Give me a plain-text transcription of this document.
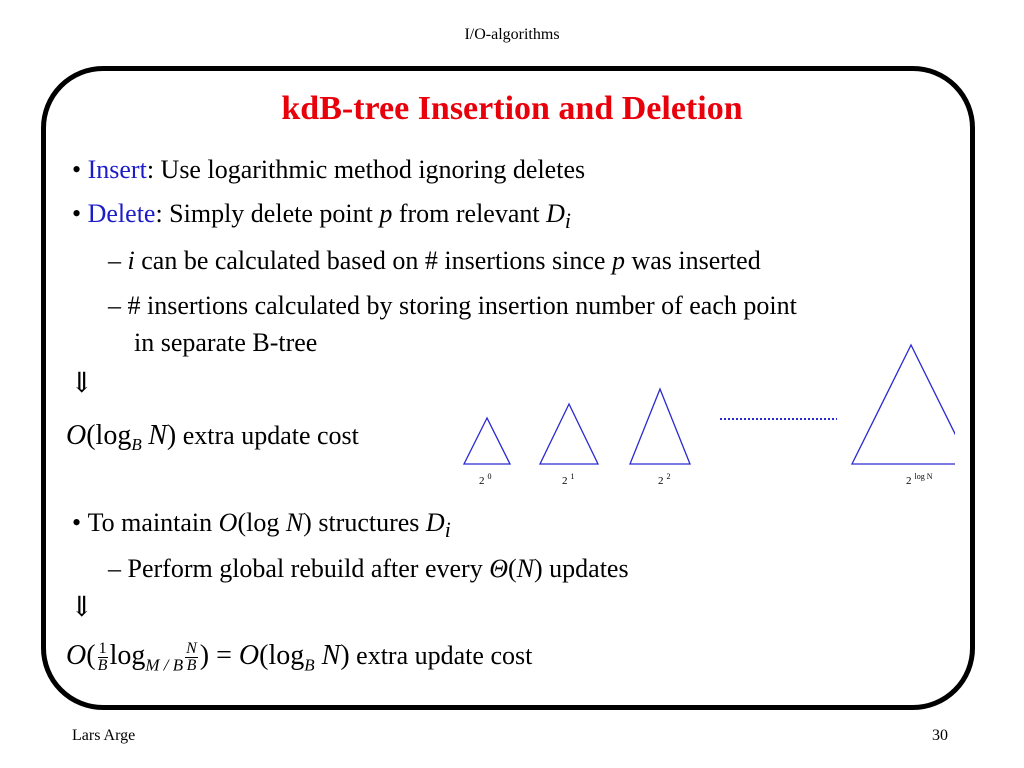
I/O-algorithms
kdB-tree Insertion and Deletion
• Insert: Use logarithmic method ignoring deletes
• Delete: Simply delete point p from relevant $D_i$
– i can be calculated based on # insertions since p was inserted
– # insertions calculated by storing insertion number of each point
in separate B-tree
⇓
$O(\log_B$ N) extra update cost
2 $^0$	2 $^1$	2 $^2$	2 $^{log N}$
• To maintain O(log N) structures $D_i$
– Perform global rebuild after every Θ(N) updates
⇓
$O( \frac{1}{B} \log_{M / B} \frac{N}{B}$ ) = $O(\log_B$ N) extra update cost
Lars Arge	30
